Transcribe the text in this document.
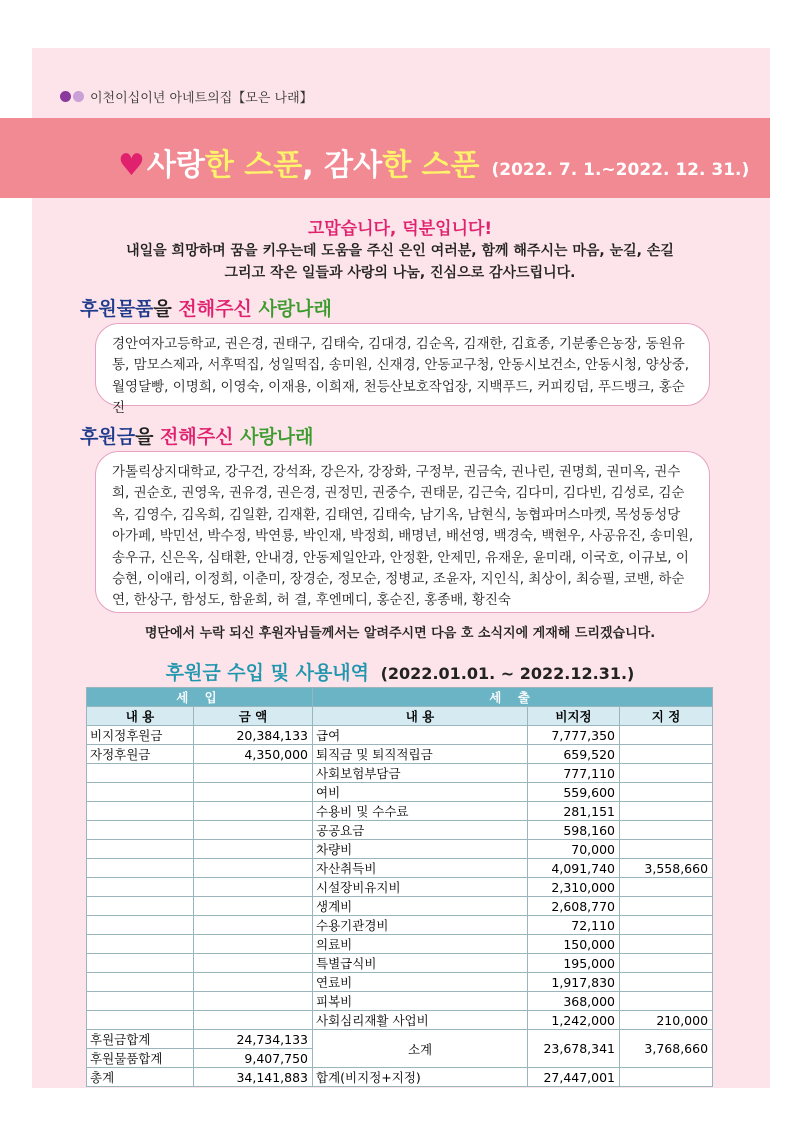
이천이십이년 아네트의집【모은 나래】
♥ 사랑 한 스푼 , 감사 한 스푼 (2022. 7. 1.~2022. 12. 31.)
고맙습니다, 덕분입니다!
내일을 희망하며 꿈을 키우는데 도움을 주신 은인 여러분, 함께 해주시는 마음, 눈길, 손길
그리고 작은 일들과 사랑의 나눔, 진심으로 감사드립니다.
후원물품 을 전해주신 사랑나래
경안여자고등학교, 권은경, 권태구, 김태숙, 김대경, 김순옥, 김재한, 김효종, 기분좋은농장, 동원유통, 맘모스제과, 서후떡집, 성일떡집, 송미원, 신재경, 안동교구청, 안동시보건소, 안동시청, 양상중, 월영달빵, 이명희, 이영숙, 이재용, 이희재, 천등산보호작업장, 지백푸드, 커피킹덤, 푸드뱅크, 홍순진
후원금 을 전해주신 사랑나래
가톨릭상지대학교, 강구건, 강석좌, 강은자, 강장화, 구정부, 권금숙, 권나린, 권명희, 권미옥, 권수희, 권순호, 권영욱, 권유경, 권은경, 권정민, 권중수, 권태문, 김근숙, 김다미, 김다빈, 김성로, 김순옥, 김영수, 김옥희, 김일환, 김재환, 김태연, 김태숙, 남기옥, 남현식, 농협파머스마켓, 목성동성당 아가페, 박민선, 박수정, 박연룡, 박인재, 박정희, 배명년, 배선영, 백경숙, 백현우, 사공유진, 송미원, 송우규, 신은옥, 심태환, 안내경, 안동제일안과, 안정환, 안제민, 유재운, 윤미래, 이국호, 이규보, 이승현, 이애리, 이정희, 이춘미, 장경순, 정모순, 정병교, 조윤자, 지인식, 최상이, 최승필, 코밴, 하순연, 한상구, 함성도, 함윤희, 허 결, 후엔메디, 홍순진, 홍종배, 황진숙
명단에서 누락 되신 후원자님들께서는 알려주시면 다음 호 소식지에 게재해 드리겠습니다.
후원금 수입 및 사용내역 (2022.01.01. ~ 2022.12.31.)
세 입		세 출		
내 용	금 액	내 용	비지정	지 정
비지정후원금	20,384,133	급여	7,777,350	
자정후원금	4,350,000	퇴직금 및 퇴직적립금	659,520	
		사회보험부담금	777,110	
		여비	559,600	
		수용비 및 수수료	281,151	
		공공요금	598,160	
		차량비	70,000	
		자산취득비	4,091,740	3,558,660
		시설장비유지비	2,310,000	
		생계비	2,608,770	
		수용기관경비	72,110	
		의료비	150,000	
		특별급식비	195,000	
		연료비	1,917,830	
		피복비	368,000	
		사회심리재활 사업비	1,242,000	210,000
후원금합계	24,734,133	소계	23,678,341	3,768,660
후원물품합계	9,407,750			
총계	34,141,883	합계(비지정+지정)	27,447,001	
